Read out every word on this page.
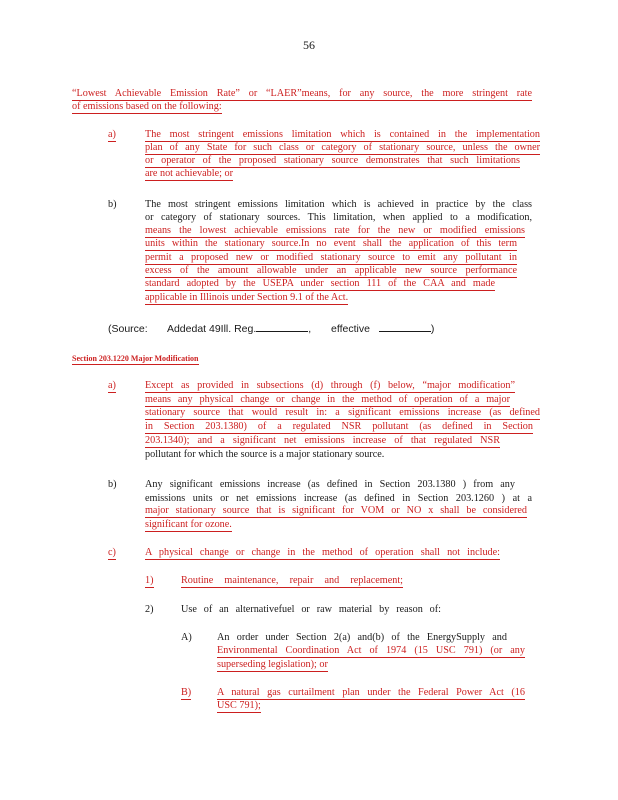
56
“Lowest Achievable Emission Rate” or “LAER”means, for any source, the more stringent rate
of emissions based on the following:
a)	The most stringent emissions limitation which is contained in the implementation
plan of any State for such class or category of stationary source, unless the owner
or operator of the proposed stationary source demonstrates that such limitations
are not achievable; or
b)	The most stringent emissions limitation which is achieved in practice by the class
or category of stationary sources. This limitation, when applied to a modification,
means the lowest achievable emissions rate for the new or modified emissions
units within the stationary source.In no event shall the application of this term
permit a proposed new or modified stationary source to emit any pollutant in
excess of the amount allowable under an applicable new source performance
standard adopted by the USEPA under section 111 of the CAA and made
applicable in Illinois under Section 9.1 of the Act.
(Source: Addedat 49Ill. Reg.	, effective	)
Section 203.1220 Major Modification
a)	Except as provided in subsections (d) through (f) below, “major modification”
means any physical change or change in the method of operation of a major
stationary source that would result in: a significant emissions increase (as defined
in Section 203.1380) of a regulated NSR pollutant (as defined in Section
203.1340); and a significant net emissions increase of that regulated NSR
pollutant for which the source is a major stationary source.
b)	Any significant emissions increase (as defined in Section 203.1380 ) from any
emissions units or net emissions increase (as defined in Section 203.1260 ) at a
major stationary source that is significant for VOM or NO x shall be considered
significant for ozone.
c)	A physical change or change in the method of operation shall not include:
1)	Routine maintenance, repair and replacement;
2)	Use of an alternativefuel or raw material by reason of:
A) An order under Section 2(a) and(b) of the EnergySupply and
Environmental Coordination Act of 1974 (15 USC 791) (or any
superseding legislation); or
B)	A natural gas curtailment plan under the Federal Power Act (16
USC 791);
